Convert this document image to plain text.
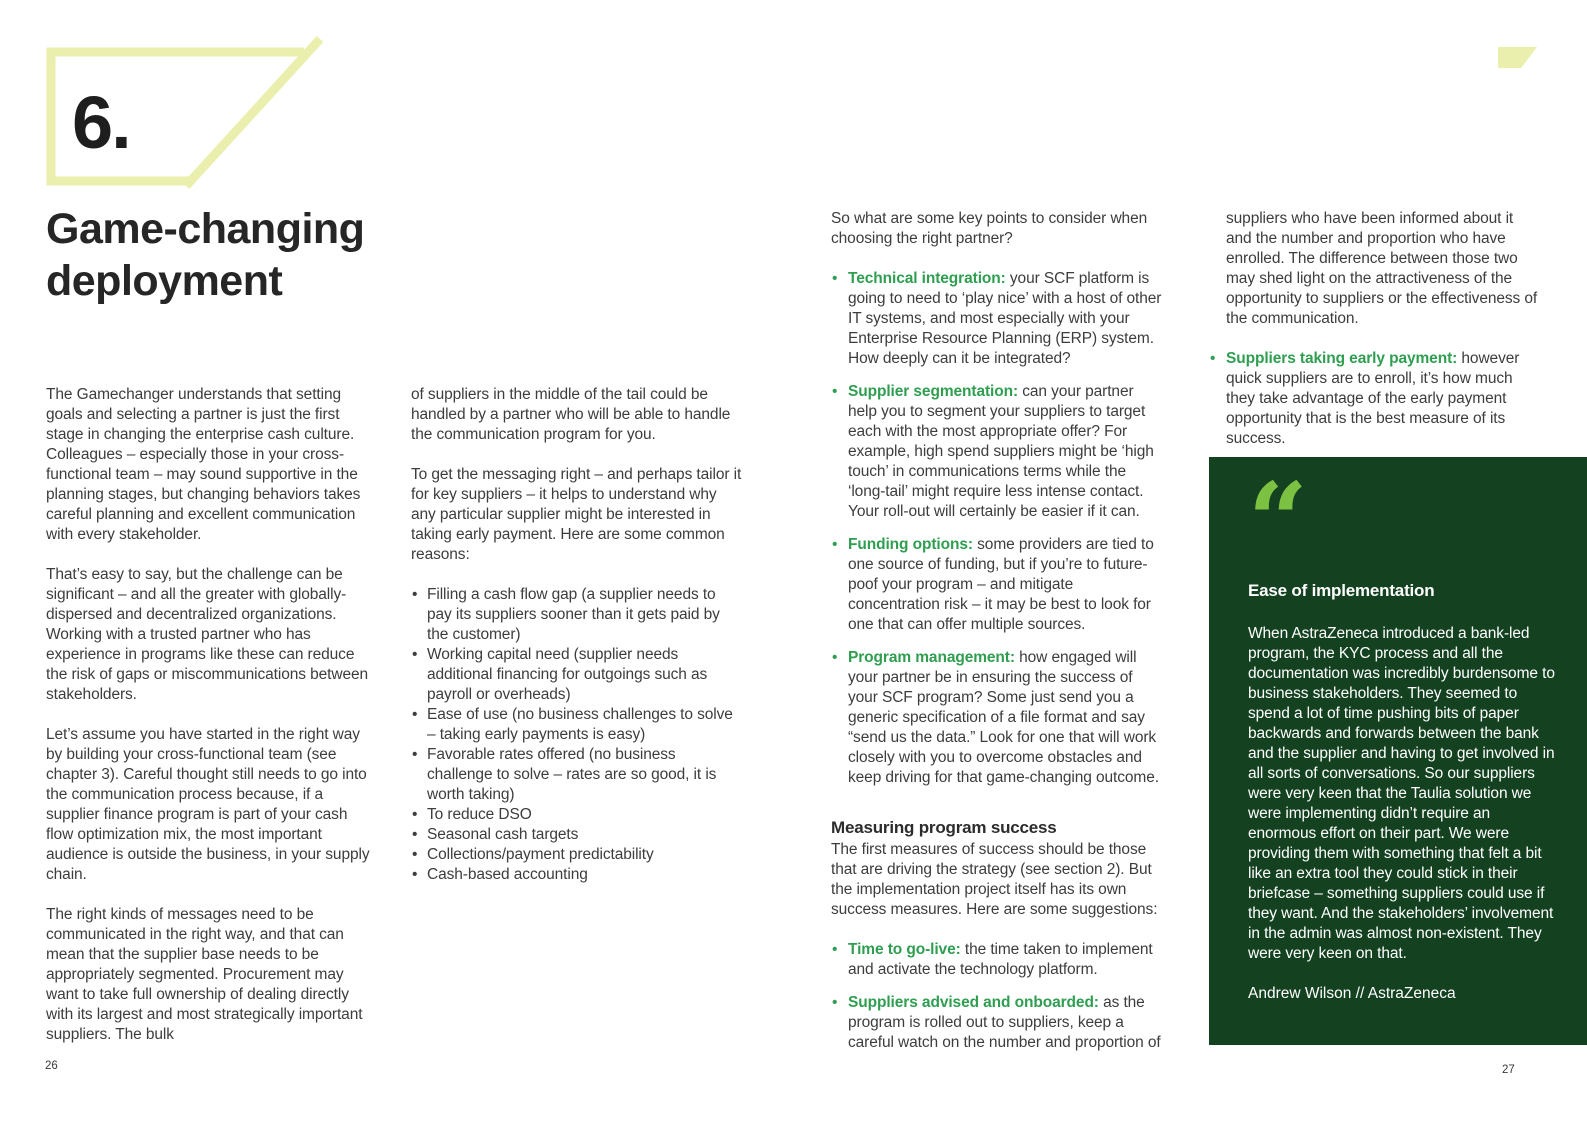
6.
Game-changing
deployment

The Gamechanger understands that setting goals and selecting a partner is just the first stage in changing the enterprise cash culture. Colleagues – especially those in your cross-functional team – may sound supportive in the planning stages, but changing behaviors takes careful planning and excellent communication with every stakeholder.

That’s easy to say, but the challenge can be significant – and all the greater with globally-dispersed and decentralized organizations. Working with a trusted partner who has experience in programs like these can reduce the risk of gaps or miscommunications between stakeholders.

Let’s assume you have started in the right way by building your cross-functional team (see chapter 3). Careful thought still needs to go into the communication process because, if a supplier finance program is part of your cash flow optimization mix, the most important audience is outside the business, in your supply chain.

The right kinds of messages need to be communicated in the right way, and that can mean that the supplier base needs to be appropriately segmented. Procurement may want to take full ownership of dealing directly with its largest and most strategically important suppliers. The bulk

of suppliers in the middle of the tail could be handled by a partner who will be able to handle the communication program for you.

To get the messaging right – and perhaps tailor it for key suppliers – it helps to understand why any particular supplier might be interested in taking early payment. Here are some common reasons:

• Filling a cash flow gap (a supplier needs to pay its suppliers sooner than it gets paid by the customer)
• Working capital need (supplier needs additional financing for outgoings such as payroll or overheads)
• Ease of use (no business challenges to solve – taking early payments is easy)
• Favorable rates offered (no business challenge to solve – rates are so good, it is worth taking)
• To reduce DSO
• Seasonal cash targets
• Collections/payment predictability
• Cash-based accounting

So what are some key points to consider when choosing the right partner?

• Technical integration: your SCF platform is going to need to ‘play nice’ with a host of other IT systems, and most especially with your Enterprise Resource Planning (ERP) system. How deeply can it be integrated?
• Supplier segmentation: can your partner help you to segment your suppliers to target each with the most appropriate offer? For example, high spend suppliers might be ‘high touch’ in communications terms while the ‘long-tail’ might require less intense contact. Your roll-out will certainly be easier if it can.
• Funding options: some providers are tied to one source of funding, but if you’re to future-poof your program – and mitigate concentration risk – it may be best to look for one that can offer multiple sources.
• Program management: how engaged will your partner be in ensuring the success of your SCF program? Some just send you a generic specification of a file format and say “send us the data.” Look for one that will work closely with you to overcome obstacles and keep driving for that game-changing outcome.
Measuring program success

The first measures of success should be those that are driving the strategy (see section 2). But the implementation project itself has its own success measures. Here are some suggestions:

• Time to go-live: the time taken to implement and activate the technology platform.
• Suppliers advised and onboarded: as the program is rolled out to suppliers, keep a careful watch on the number and proportion of

suppliers who have been informed about it and the number and proportion who have enrolled. The difference between those two may shed light on the attractiveness of the opportunity to suppliers or the effectiveness of the communication.

• Suppliers taking early payment: however quick suppliers are to enroll, it’s how much they take advantage of the early payment opportunity that is the best measure of its success.
“
Ease of implementation
When AstraZeneca introduced a bank-led program, the KYC process and all the documentation was incredibly burdensome to business stakeholders. They seemed to spend a lot of time pushing bits of paper backwards and forwards between the bank and the supplier and having to get involved in all sorts of conversations. So our suppliers were very keen that the Taulia solution we were implementing didn’t require an enormous effort on their part. We were providing them with something that felt a bit like an extra tool they could stick in their briefcase – something suppliers could use if they want. And the stakeholders’ involvement in the admin was almost non-existent. They were very keen on that.
Andrew Wilson // AstraZeneca
26	27
